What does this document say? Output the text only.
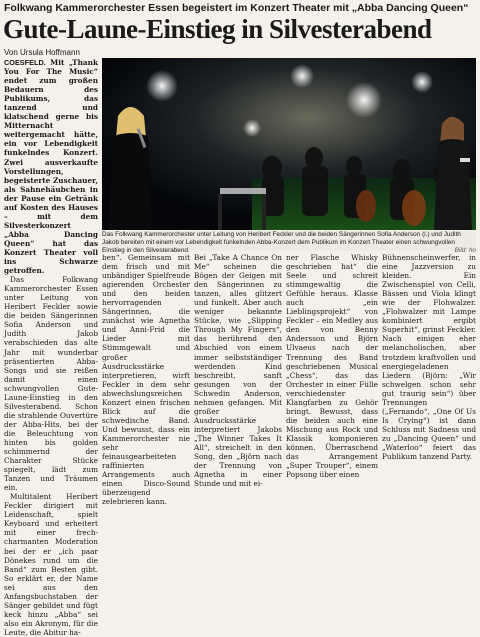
Folkwang Kammerorchester Essen begeistert im Konzert Theater mit „Abba Dancing Queen“
Gute-Laune-Einstieg in Silvesterabend
Von Ursula Hoffmann

COESFELD. Mit „Thank You For The Music“ endet zum großen Bedauern des Publikums, das tanzend und klatschend gerne bis Mitternacht weitergemacht hätte, ein vor Lebendigkeit funkelndes Konzert. Zwei ausverkaufte Vorstellungen, begeisterte Zuschauer, als Sahnehäubchen in der Pause ein Getränk auf Kosten des Hauses – mit dem Silvesterkonzert „Abba Dancing Queen“ hat das Konzert Theater voll ins Schwarze getroffen.

Das Folkwang Kammerorchester Essen unter Leitung von Heribert Feckler sowie die beiden Sängerinnen Sofia Anderson und Judith Jakob verabschieden das alte Jahr mit wunderbar präsentierten Abba-Songs und sie reißen damit einen schwungvollen Gute-Laune-Einstieg in den Silvesterabend. Schon die strahlende Ouvertüre der Abba-Hits, bei der die Beleuchtung von hinten bis golden schimmernd der Charakter Stücke spiegelt, lädt zum Tanzen und Träumen ein.

Multitalent Heribert Feckler dirigiert mit Leidenschaft, spielt Keyboard und erheitert mit einer frech-charmanten Moderation bei der er „ich paar Dönekes rund um die Band“ zum Besten gibt. So erklärt er, der Name sei aus den Anfangsbuchstaben der Sänger gebildet und fügt keck hinzu „Abba“ sei also ein Akronym, für die Leute, die Abitur ha-

Das Folkwang Kammerorchester unter Leitung von Heribert Feckler und die beiden Sängerinnen Sofia Anderson (l.) und Judith Jakob bereiten mit einem vor Lebendigkeit funkelnden Abba-Konzert dem Publikum im Konzert Theater einen schwungvollen Einstieg in den Silvesterabend.	Bild: ho

ben“. Gemeinsam mit dem frisch und mit unbändiger Spielfreude agierenden Orchester und den beiden hervorragenden Sängerinnen, die zunächst wie Agnetha und Anni-Frid die Lieder mit Stimmgewalt und großer Ausdrucksstärke interpretieren, wirft Feckler in dem sehr abwechslungsreichen Konzert einen frischen Blick auf die schwedische Band. Und bewusst, dass ein Kammerorchester nie sehr feinausgearbeiteten raffinierten Arrangements auch einen Disco-Sound überzeugend zelebrieren kann.

Bei „Take A Chance On Me“ scheinen die Bögen der Geigen mit den Sängerinnen zu tanzen, alles glitzert und funkelt. Aber auch weniger bekannte Stücke, wie „Slipping Through My Fingers“, das berührend den Abschied von einem immer selbstständiger werdenden Kind beschreibt, sanft gesungen von der Schwedin Anderson, nehmen gefangen. Mit großer Ausdrucksstärke interpretiert Jakobs „The Winner Takes It All“, streichelt in den Song, den „Björn nach der Trennung von Agnetha in einer Stunde und mit ei-

ner Flasche Whisky geschrieben hat“ die Seele und schreit stimmgewaltig die Gefühle heraus. Klasse auch „ein Lieblingsprojekt“ von Feckler – ein Medley aus den von Benny Andersson und Björn Ulvaeus nach der Trennung des Band geschriebenen Musical „Chess“, das das Orchester in einer Fülle verschiedenster Klangfarben zu Gehör bringt. Bewusst, dass die beiden auch eine Mischung aus Rock und Klassik komponieren können. Überraschend das Arrangement „Super Trouper“, einem Popsong über einen

Bühnenscheinwerfer, in eine Jazzversion zu kleiden. Ein Zwischenspiel von Celli, Bässen und Viola klingt wie der Flohwalzer. „Flohwalzer mit Lampe kombiniert ergibt Superhit“, grinst Feckler. Nach einigen eher melancholischen, aber trotzdem kraftvollen und energiegeladenen Liedern (Björn: „Wir schwelgen schon sehr gut traurig sein“) über Trennungen („Fernando“, „One Of Us Is Crying“) ist dann Schluss mit Sadness und zu „Dancing Queen“ und „Waterloo“ feiert das Publikum tanzend Party.
